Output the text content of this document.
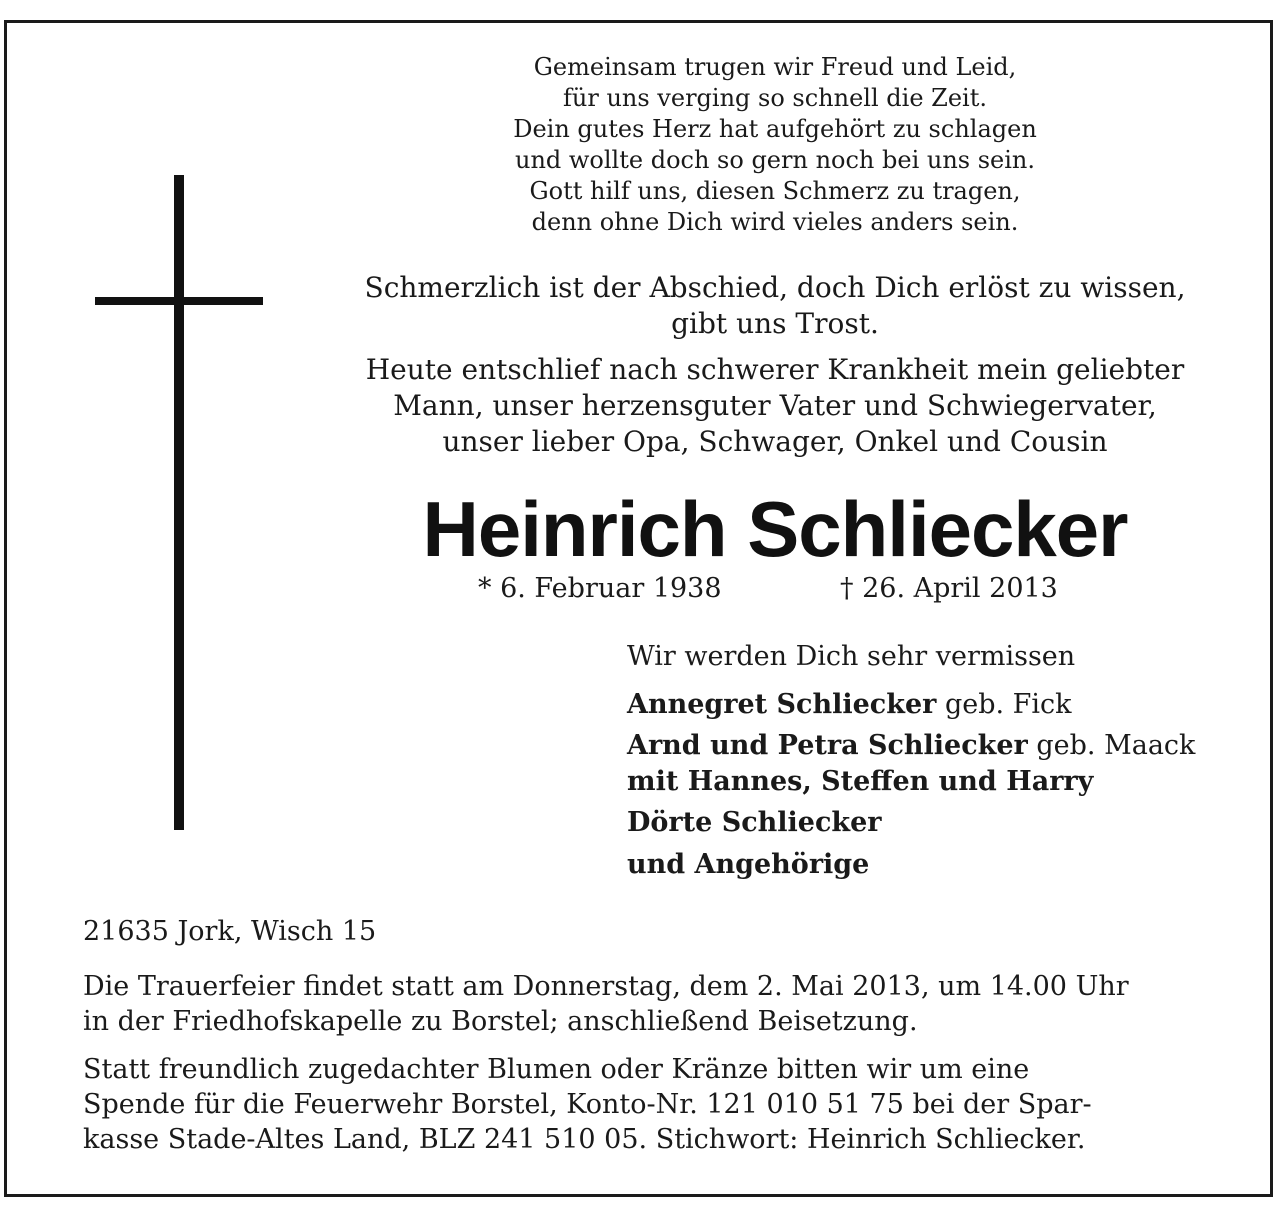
Gemeinsam trugen wir Freud und Leid,
für uns verging so schnell die Zeit.
Dein gutes Herz hat aufgehört zu schlagen
und wollte doch so gern noch bei uns sein.
Gott hilf uns, diesen Schmerz zu tragen,
denn ohne Dich wird vieles anders sein.
Schmerzlich ist der Abschied, doch Dich erlöst zu wissen,
gibt uns Trost.
Heute entschlief nach schwerer Krankheit mein geliebter
Mann, unser herzensguter Vater und Schwiegervater,
unser lieber Opa, Schwager, Onkel und Cousin
Heinrich Schliecker
* 6. Februar 1938	† 26. April 2013
Wir werden Dich sehr vermissen
Annegret Schliecker geb. Fick
Arnd und Petra Schliecker geb. Maack
mit Hannes, Steffen und Harry
Dörte Schliecker
und Angehörige
21635 Jork, Wisch 15
Die Trauerfeier findet statt am Donnerstag, dem 2. Mai 2013, um 14.00 Uhr
in der Friedhofskapelle zu Borstel; anschließend Beisetzung.
Statt freundlich zugedachter Blumen oder Kränze bitten wir um eine
Spende für die Feuerwehr Borstel, Konto-Nr. 121 010 51 75 bei der Spar-
kasse Stade-Altes Land, BLZ 241 510 05. Stichwort: Heinrich Schliecker.
